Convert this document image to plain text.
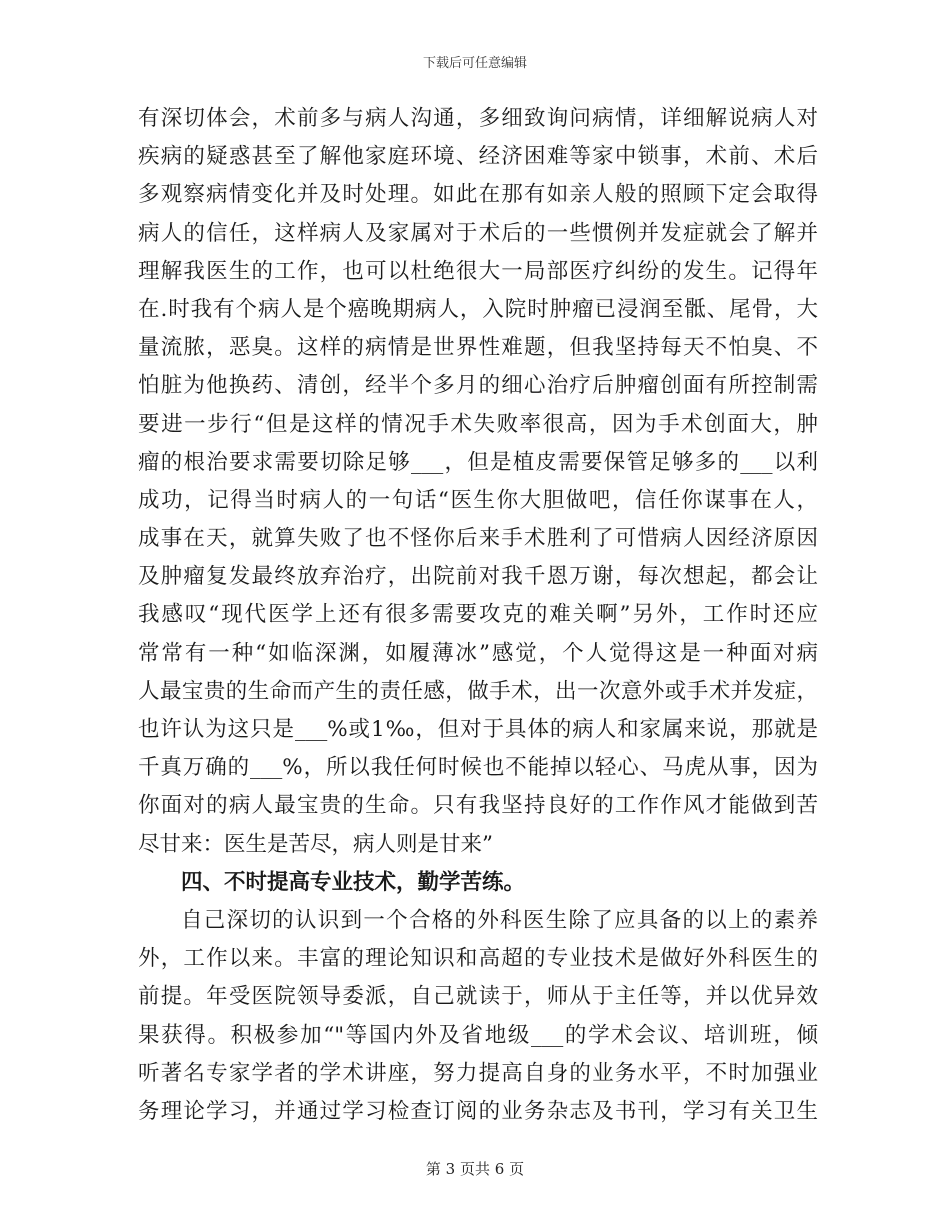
下载后可任意编辑
有深切体会，术前多与病人沟通，多细致询问病情，详细解说病人对
疾病的疑惑甚至了解他家庭环境、经济困难等家中锁事，术前、术后
多观察病情变化并及时处理。如此在那有如亲人般的照顾下定会取得
病人的信任，这样病人及家属对于术后的一些惯例并发症就会了解并
理解我医生的工作，也可以杜绝很大一局部医疗纠纷的发生。记得年
在.时我有个病人是个癌晚期病人，入院时肿瘤已浸润至骶、尾骨，大
量流脓，恶臭。这样的病情是世界性难题，但我坚持每天不怕臭、不
怕脏为他换药、清创，经半个多月的细心治疗后肿瘤创面有所控制需
要进一步行“但是这样的情况手术失败率很高，因为手术创面大，肿
瘤的根治要求需要切除足够___，但是植皮需要保管足够多的___以利
成功，记得当时病人的一句话“医生你大胆做吧，信任你谋事在人，
成事在天，就算失败了也不怪你后来手术胜利了可惜病人因经济原因
及肿瘤复发最终放弃治疗，出院前对我千恩万谢，每次想起，都会让
我感叹“现代医学上还有很多需要攻克的难关啊”另外，工作时还应
常常有一种“如临深渊，如履薄冰”感觉，个人觉得这是一种面对病
人最宝贵的生命而产生的责任感，做手术，出一次意外或手术并发症，
也许认为这只是___%或1‰，但对于具体的病人和家属来说，那就是
千真万确的___%，所以我任何时候也不能掉以轻心、马虎从事，因为
你面对的病人最宝贵的生命。只有我坚持良好的工作作风才能做到苦
尽甘来：医生是苦尽，病人则是甘来”
四、不时提高专业技术，勤学苦练。
自己深切的认识到一个合格的外科医生除了应具备的以上的素养
外，工作以来。丰富的理论知识和高超的专业技术是做好外科医生的
前提。年受医院领导委派，自己就读于，师从于主任等，并以优异效
果获得。积极参加“"等国内外及省地级___的学术会议、培训班，倾
听著名专家学者的学术讲座，努力提高自身的业务水平，不时加强业
务理论学习，并通过学习检查订阅的业务杂志及书刊，学习有关卫生
第 3 页共 6 页
